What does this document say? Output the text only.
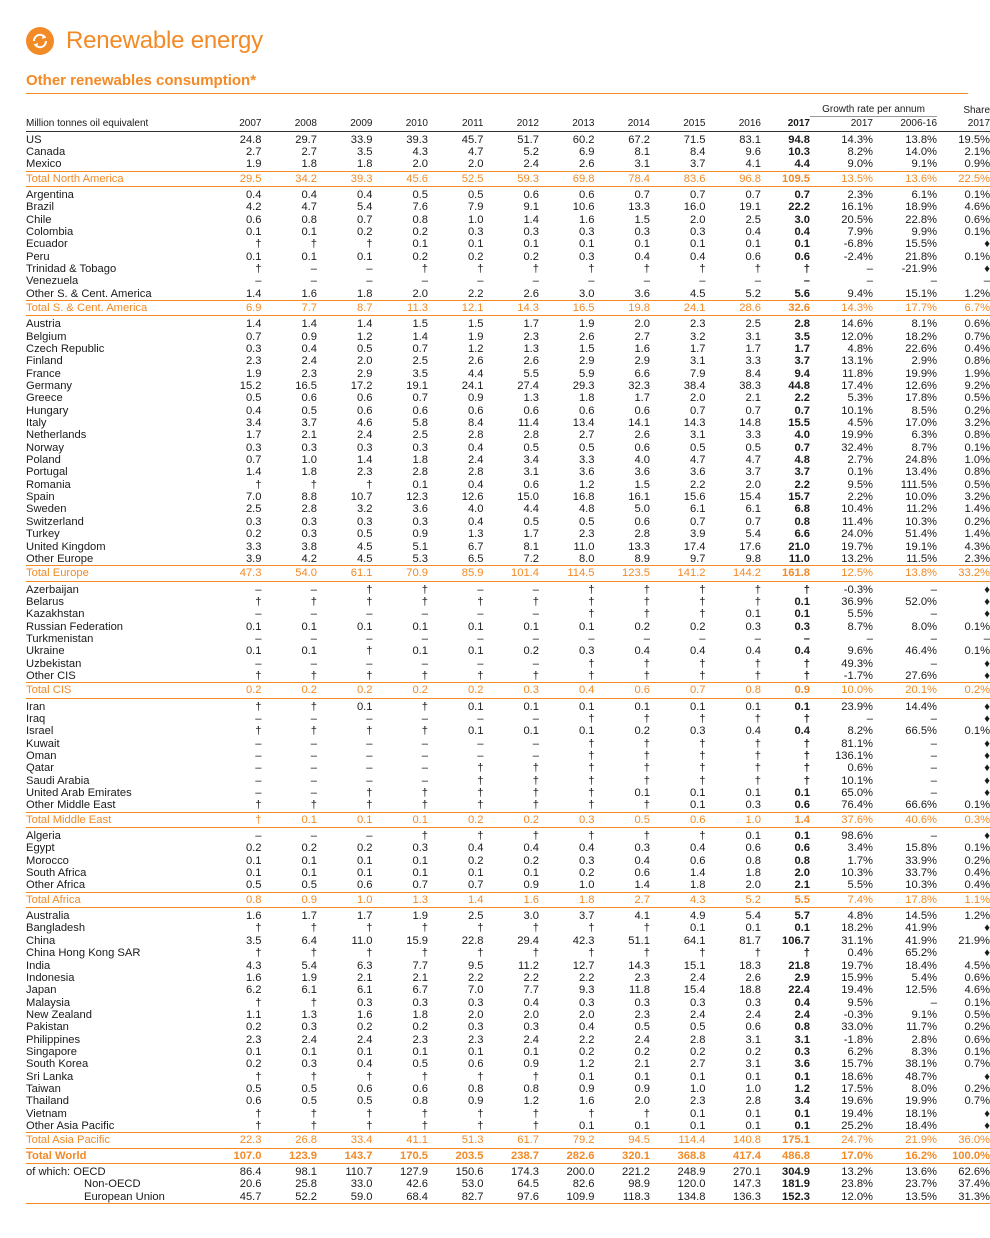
Renewable energy
Other renewables consumption*
												Growth rate per annum		Share
Million tonnes oil equivalent	2007	2008	2009	2010	2011	2012	2013	2014	2015	2016	2017	2017	2006-16	2017
US	24.8	29.7	33.9	39.3	45.7	51.7	60.2	67.2	71.5	83.1	94.8	14.3%	13.8%	19.5%
Canada	2.7	2.7	3.5	4.3	4.7	5.2	6.9	8.1	8.4	9.6	10.3	8.2%	14.0%	2.1%
Mexico	1.9	1.8	1.8	2.0	2.0	2.4	2.6	3.1	3.7	4.1	4.4	9.0%	9.1%	0.9%
Total North America	29.5	34.2	39.3	45.6	52.5	59.3	69.8	78.4	83.6	96.8	109.5	13.5%	13.6%	22.5%
Argentina	0.4	0.4	0.4	0.5	0.5	0.6	0.6	0.7	0.7	0.7	0.7	2.3%	6.1%	0.1%
Brazil	4.2	4.7	5.4	7.6	7.9	9.1	10.6	13.3	16.0	19.1	22.2	16.1%	18.9%	4.6%
Chile	0.6	0.8	0.7	0.8	1.0	1.4	1.6	1.5	2.0	2.5	3.0	20.5%	22.8%	0.6%
Colombia	0.1	0.1	0.2	0.2	0.3	0.3	0.3	0.3	0.3	0.4	0.4	7.9%	9.9%	0.1%
Ecuador	†	†	†	0.1	0.1	0.1	0.1	0.1	0.1	0.1	0.1	-6.8%	15.5%	♦
Peru	0.1	0.1	0.1	0.2	0.2	0.2	0.3	0.4	0.4	0.6	0.6	-2.4%	21.8%	0.1%
Trinidad & Tobago	†	–	–	†	†	†	†	†	†	†	†	–	-21.9%	♦
Venezuela	–	–	–	–	–	–	–	–	–	–	–	–	–	–
Other S. & Cent. America	1.4	1.6	1.8	2.0	2.2	2.6	3.0	3.6	4.5	5.2	5.6	9.4%	15.1%	1.2%
Total S. & Cent. America	6.9	7.7	8.7	11.3	12.1	14.3	16.5	19.8	24.1	28.6	32.6	14.3%	17.7%	6.7%
Austria	1.4	1.4	1.4	1.5	1.5	1.7	1.9	2.0	2.3	2.5	2.8	14.6%	8.1%	0.6%
Belgium	0.7	0.9	1.2	1.4	1.9	2.3	2.6	2.7	3.2	3.1	3.5	12.0%	18.2%	0.7%
Czech Republic	0.3	0.4	0.5	0.7	1.2	1.3	1.5	1.6	1.7	1.7	1.7	4.8%	22.6%	0.4%
Finland	2.3	2.4	2.0	2.5	2.6	2.6	2.9	2.9	3.1	3.3	3.7	13.1%	2.9%	0.8%
France	1.9	2.3	2.9	3.5	4.4	5.5	5.9	6.6	7.9	8.4	9.4	11.8%	19.9%	1.9%
Germany	15.2	16.5	17.2	19.1	24.1	27.4	29.3	32.3	38.4	38.3	44.8	17.4%	12.6%	9.2%
Greece	0.5	0.6	0.6	0.7	0.9	1.3	1.8	1.7	2.0	2.1	2.2	5.3%	17.8%	0.5%
Hungary	0.4	0.5	0.6	0.6	0.6	0.6	0.6	0.6	0.7	0.7	0.7	10.1%	8.5%	0.2%
Italy	3.4	3.7	4.6	5.8	8.4	11.4	13.4	14.1	14.3	14.8	15.5	4.5%	17.0%	3.2%
Netherlands	1.7	2.1	2.4	2.5	2.8	2.8	2.7	2.6	3.1	3.3	4.0	19.9%	6.3%	0.8%
Norway	0.3	0.3	0.3	0.3	0.4	0.5	0.5	0.6	0.5	0.5	0.7	32.4%	8.7%	0.1%
Poland	0.7	1.0	1.4	1.8	2.4	3.4	3.3	4.0	4.7	4.7	4.8	2.7%	24.8%	1.0%
Portugal	1.4	1.8	2.3	2.8	2.8	3.1	3.6	3.6	3.6	3.7	3.7	0.1%	13.4%	0.8%
Romania	†	†	†	0.1	0.4	0.6	1.2	1.5	2.2	2.0	2.2	9.5%	111.5%	0.5%
Spain	7.0	8.8	10.7	12.3	12.6	15.0	16.8	16.1	15.6	15.4	15.7	2.2%	10.0%	3.2%
Sweden	2.5	2.8	3.2	3.6	4.0	4.4	4.8	5.0	6.1	6.1	6.8	10.4%	11.2%	1.4%
Switzerland	0.3	0.3	0.3	0.3	0.4	0.5	0.5	0.6	0.7	0.7	0.8	11.4%	10.3%	0.2%
Turkey	0.2	0.3	0.5	0.9	1.3	1.7	2.3	2.8	3.9	5.4	6.6	24.0%	51.4%	1.4%
United Kingdom	3.3	3.8	4.5	5.1	6.7	8.1	11.0	13.3	17.4	17.6	21.0	19.7%	19.1%	4.3%
Other Europe	3.9	4.2	4.5	5.3	6.5	7.2	8.0	8.9	9.7	9.8	11.0	13.2%	11.5%	2.3%
Total Europe	47.3	54.0	61.1	70.9	85.9	101.4	114.5	123.5	141.2	144.2	161.8	12.5%	13.8%	33.2%
Azerbaijan	–	–	†	†	–	–	†	†	†	†	†	-0.3%	–	♦
Belarus	†	†	†	†	†	†	†	†	†	†	0.1	36.9%	52.0%	♦
Kazakhstan	–	–	–	–	–	–	†	†	†	0.1	0.1	5.5%	–	♦
Russian Federation	0.1	0.1	0.1	0.1	0.1	0.1	0.1	0.2	0.2	0.3	0.3	8.7%	8.0%	0.1%
Turkmenistan	–	–	–	–	–	–	–	–	–	–	–	–	–	–
Ukraine	0.1	0.1	†	0.1	0.1	0.2	0.3	0.4	0.4	0.4	0.4	9.6%	46.4%	0.1%
Uzbekistan	–	–	–	–	–	–	†	†	†	†	†	49.3%	–	♦
Other CIS	†	†	†	†	†	†	†	†	†	†	†	-1.7%	27.6%	♦
Total CIS	0.2	0.2	0.2	0.2	0.2	0.3	0.4	0.6	0.7	0.8	0.9	10.0%	20.1%	0.2%
Iran	†	†	0.1	†	0.1	0.1	0.1	0.1	0.1	0.1	0.1	23.9%	14.4%	♦
Iraq	–	–	–	–	–	–	†	†	†	†	†	–	–	♦
Israel	†	†	†	†	0.1	0.1	0.1	0.2	0.3	0.4	0.4	8.2%	66.5%	0.1%
Kuwait	–	–	–	–	–	–	†	†	†	†	†	81.1%	–	♦
Oman	–	–	–	–	–	–	†	†	†	†	†	136.1%	–	♦
Qatar	–	–	–	–	†	†	†	†	†	†	†	0.6%	–	♦
Saudi Arabia	–	–	–	–	†	†	†	†	†	†	†	10.1%	–	♦
United Arab Emirates	–	–	†	†	†	†	†	0.1	0.1	0.1	0.1	65.0%	–	♦
Other Middle East	†	†	†	†	†	†	†	†	0.1	0.3	0.6	76.4%	66.6%	0.1%
Total Middle East	†	0.1	0.1	0.1	0.2	0.2	0.3	0.5	0.6	1.0	1.4	37.6%	40.6%	0.3%
Algeria	–	–	–	†	†	†	†	†	†	0.1	0.1	98.6%	–	♦
Egypt	0.2	0.2	0.2	0.3	0.4	0.4	0.4	0.3	0.4	0.6	0.6	3.4%	15.8%	0.1%
Morocco	0.1	0.1	0.1	0.1	0.2	0.2	0.3	0.4	0.6	0.8	0.8	1.7%	33.9%	0.2%
South Africa	0.1	0.1	0.1	0.1	0.1	0.1	0.2	0.6	1.4	1.8	2.0	10.3%	33.7%	0.4%
Other Africa	0.5	0.5	0.6	0.7	0.7	0.9	1.0	1.4	1.8	2.0	2.1	5.5%	10.3%	0.4%
Total Africa	0.8	0.9	1.0	1.3	1.4	1.6	1.8	2.7	4.3	5.2	5.5	7.4%	17.8%	1.1%
Australia	1.6	1.7	1.7	1.9	2.5	3.0	3.7	4.1	4.9	5.4	5.7	4.8%	14.5%	1.2%
Bangladesh	†	†	†	†	†	†	†	†	0.1	0.1	0.1	18.2%	41.9%	♦
China	3.5	6.4	11.0	15.9	22.8	29.4	42.3	51.1	64.1	81.7	106.7	31.1%	41.9%	21.9%
China Hong Kong SAR	†	†	†	†	†	†	†	†	†	†	†	0.4%	65.2%	♦
India	4.3	5.4	6.3	7.7	9.5	11.2	12.7	14.3	15.1	18.3	21.8	19.7%	18.4%	4.5%
Indonesia	1.6	1.9	2.1	2.1	2.2	2.2	2.2	2.3	2.4	2.6	2.9	15.9%	5.4%	0.6%
Japan	6.2	6.1	6.1	6.7	7.0	7.7	9.3	11.8	15.4	18.8	22.4	19.4%	12.5%	4.6%
Malaysia	†	†	0.3	0.3	0.3	0.4	0.3	0.3	0.3	0.3	0.4	9.5%	–	0.1%
New Zealand	1.1	1.3	1.6	1.8	2.0	2.0	2.0	2.3	2.4	2.4	2.4	-0.3%	9.1%	0.5%
Pakistan	0.2	0.3	0.2	0.2	0.3	0.3	0.4	0.5	0.5	0.6	0.8	33.0%	11.7%	0.2%
Philippines	2.3	2.4	2.4	2.3	2.3	2.4	2.2	2.4	2.8	3.1	3.1	-1.8%	2.8%	0.6%
Singapore	0.1	0.1	0.1	0.1	0.1	0.1	0.2	0.2	0.2	0.2	0.3	6.2%	8.3%	0.1%
South Korea	0.2	0.3	0.4	0.5	0.6	0.9	1.2	2.1	2.7	3.1	3.6	15.7%	38.1%	0.7%
Sri Lanka	†	†	†	†	†	†	0.1	0.1	0.1	0.1	0.1	18.6%	48.7%	♦
Taiwan	0.5	0.5	0.6	0.6	0.8	0.8	0.9	0.9	1.0	1.0	1.2	17.5%	8.0%	0.2%
Thailand	0.6	0.5	0.5	0.8	0.9	1.2	1.6	2.0	2.3	2.8	3.4	19.6%	19.9%	0.7%
Vietnam	†	†	†	†	†	†	†	†	0.1	0.1	0.1	19.4%	18.1%	♦
Other Asia Pacific	†	†	†	†	†	†	0.1	0.1	0.1	0.1	0.1	25.2%	18.4%	♦
Total Asia Pacific	22.3	26.8	33.4	41.1	51.3	61.7	79.2	94.5	114.4	140.8	175.1	24.7%	21.9%	36.0%
Total World	107.0	123.9	143.7	170.5	203.5	238.7	282.6	320.1	368.8	417.4	486.8	17.0%	16.2%	100.0%
of which: OECD	86.4	98.1	110.7	127.9	150.6	174.3	200.0	221.2	248.9	270.1	304.9	13.2%	13.6%	62.6%
Non-OECD	20.6	25.8	33.0	42.6	53.0	64.5	82.6	98.9	120.0	147.3	181.9	23.8%	23.7%	37.4%
European Union	45.7	52.2	59.0	68.4	82.7	97.6	109.9	118.3	134.8	136.3	152.3	12.0%	13.5%	31.3%
